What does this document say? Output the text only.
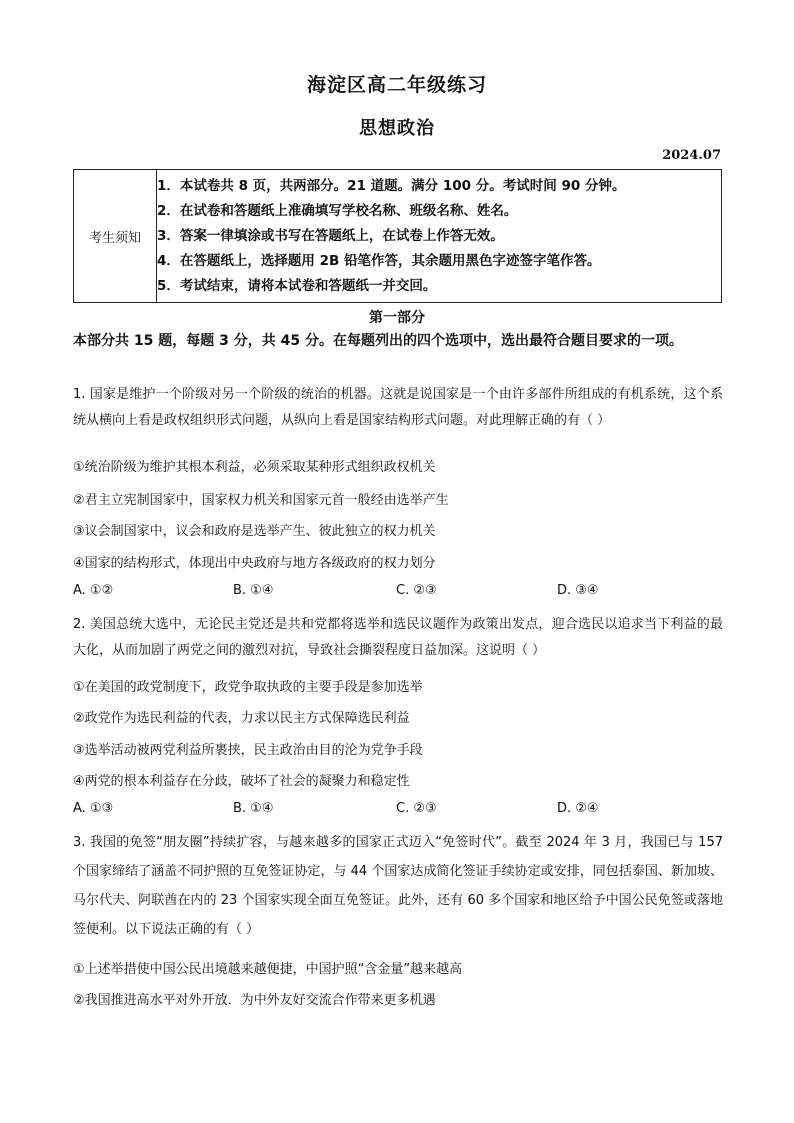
海淀区高二年级练习
思想政治
2024.07
考生须知	
1．本试卷共 8 页，共两部分。21 道题。满分 100 分。考试时间 90 分钟。
2．在试卷和答题纸上准确填写学校名称、班级名称、姓名。
3．答案一律填涂或书写在答题纸上，在试卷上作答无效。
4．在答题纸上，选择题用 2B 铅笔作答，其余题用黑色字迹签字笔作答。
5．考试结束，请将本试卷和答题纸一并交回。
第一部分
本部分共 15 题，每题 3 分，共 45 分。在每题列出的四个选项中，选出最符合题目要求的一项。
1. 国家是维护一个阶级对另一个阶级的统治的机器。这就是说国家是一个由许多部件所组成的有机系统，这个系统从横向上看是政权组织形式问题，从纵向上看是国家结构形式问题。对此理解正确的有（ ）
①统治阶级为维护其根本利益，必须采取某种形式组织政权机关
②君主立宪制国家中，国家权力机关和国家元首一般经由选举产生
③议会制国家中，议会和政府是选举产生、彼此独立的权力机关
④国家的结构形式，体现出中央政府与地方各级政府的权力划分
A. ①②	B. ①④	C. ②③	D. ③④
2. 美国总统大选中，无论民主党还是共和党都将选举和选民议题作为政策出发点，迎合选民以追求当下利益的最大化，从而加剧了两党之间的激烈对抗，导致社会撕裂程度日益加深。这说明（ ）
①在美国的政党制度下，政党争取执政的主要手段是参加选举
②政党作为选民利益的代表，力求以民主方式保障选民利益
③选举活动被两党利益所裹挟，民主政治由目的沦为党争手段
④两党的根本利益存在分歧，破坏了社会的凝聚力和稳定性
A. ①③	B. ①④	C. ②③	D. ②④
3. 我国的免签“朋友圈”持续扩容，与越来越多的国家正式迈入“免签时代”。截至 2024 年 3 月，我国已与 157 个国家缔结了涵盖不同护照的互免签证协定，与 44 个国家达成简化签证手续协定或安排，同包括泰国、新加坡、马尔代夫、阿联酋在内的 23 个国家实现全面互免签证。此外，还有 60 多个国家和地区给予中国公民免签或落地签便利。以下说法正确的有（ ）
①上述举措使中国公民出境越来越便捷，中国护照“含金量”越来越高
②我国推进高水平对外开放．为中外友好交流合作带来更多机遇
